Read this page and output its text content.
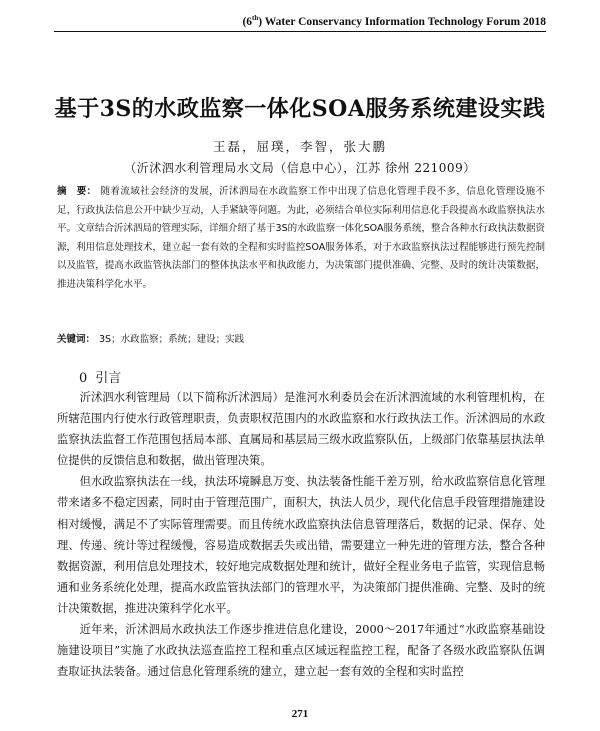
(6th) Water Conservancy Information Technology Forum 2018
基于3S的水政监察一体化SOA服务系统建设实践
王磊，屈璞，李智，张大鹏
（沂沭泗水利管理局水文局（信息中心），江苏 徐州 221009）
摘　要： 随着流域社会经济的发展，沂沭泗局在水政监察工作中出现了信息化管理手段不多，信息化管理设施不足，行政执法信息公开中缺少互动，人手紧缺等问题。为此，必须结合单位实际利用信息化手段提高水政监察执法水平。文章结合沂沭泗局的管理实际，详细介绍了基于3S的水政监察一体化SOA服务系统，整合各种水行政执法数据资源，利用信息处理技术，建立起一套有效的全程和实时监控SOA服务体系，对于水政监察执法过程能够进行预先控制以及监管，提高水政监管执法部门的整体执法水平和执政能力，为决策部门提供准确、完整、及时的统计决策数据，推进决策科学化水平。
关键词： 3S；水政监察；系统；建设；实践
0 引言

沂沭泗水利管理局（以下简称沂沭泗局）是淮河水利委员会在沂沭泗流域的水利管理机构，在所辖范围内行使水行政管理职责，负责职权范围内的水政监察和水行政执法工作。沂沭泗局的水政监察执法监督工作范围包括局本部、直属局和基层局三级水政监察队伍，上级部门依靠基层执法单位提供的反馈信息和数据，做出管理决策。

但水政监察执法在一线，执法环境瞬息万变、执法装备性能千差万别，给水政监察信息化管理带来诸多不稳定因素，同时由于管理范围广，面积大，执法人员少，现代化信息手段管理措施建设相对缓慢，满足不了实际管理需要。而且传统水政监察执法信息管理落后，数据的记录、保存、处理、传递、统计等过程缓慢，容易造成数据丢失或出错，需要建立一种先进的管理方法，整合各种数据资源，利用信息处理技术，较好地完成数据处理和统计，做好全程业务电子监管，实现信息畅通和业务系统化处理，提高水政监管执法部门的管理水平，为决策部门提供准确、完整、及时的统计决策数据，推进决策科学化水平。

近年来，沂沭泗局水政执法工作逐步推进信息化建设，2000～2017年通过“水政监察基础设施建设项目”实施了水政执法巡查监控工程和重点区域远程监控工程，配备了各级水政监察队伍调查取证执法装备。通过信息化管理系统的建立，建立起一套有效的全程和实时监控

271
